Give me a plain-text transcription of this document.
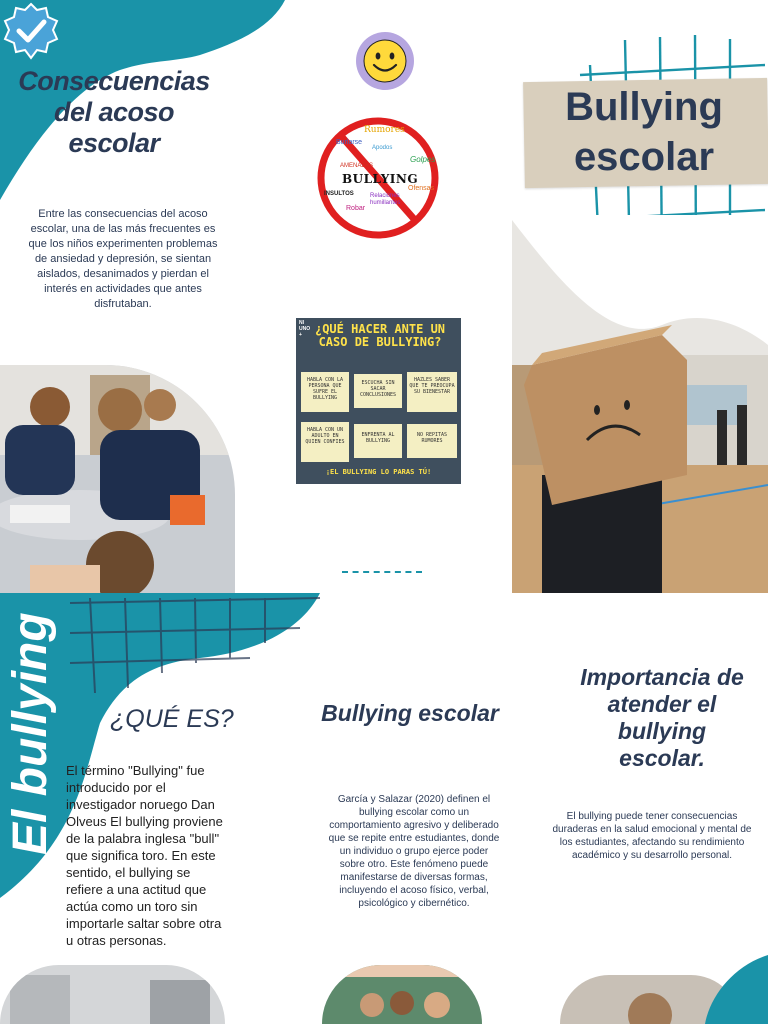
Consecuencias del acoso escolar
Entre las consecuencias del acoso escolar, una de las más frecuentes es que los niños experimenten problemas de ansiedad y depresión, se sientan aislados, desanimados y pierdan el interés en actividades que antes disfrutaban.
Rumores
Burlarse
Golpes
AMENAZAS
INSULTOS
BULLYING
Apodos
Ofensas
Robar
Relaciones humillantes
NI UNO +	¿QUÉ HACER ANTE UN CASO DE BULLYING?
HABLA CON LA PERSONA QUE SUFRE EL BULLYING
ESCUCHA SIN SACAR CONCLUSIONES
HAZLES SABER QUE TE PREOCUPA SU BIENESTAR
HABLA CON UN ADULTO EN QUIEN CONFIES
ENFRENTA AL BULLYING
NO REPITAS RUMORES
¡EL BULLYING LO PARAS TÚ!
Bullying escolar
El bullying ¿QUÉ ES?
El término "Bullying" fue introducido por el investigador noruego Dan Olveus El bullying proviene de la palabra inglesa "bull" que significa toro. En este sentido, el bullying se refiere a una actitud que actúa como un toro sin importarle saltar sobre otra u otras personas.
Bullying escolar
García y Salazar (2020) definen el bullying escolar como un comportamiento agresivo y deliberado que se repite entre estudiantes, donde un individuo o grupo ejerce poder sobre otro. Este fenómeno puede manifestarse de diversas formas, incluyendo el acoso físico, verbal, psicológico y cibernético.
Importancia de atender el bullying escolar.
El bullying puede tener consecuencias duraderas en la salud emocional y mental de los estudiantes, afectando su rendimiento académico y su desarrollo personal.
